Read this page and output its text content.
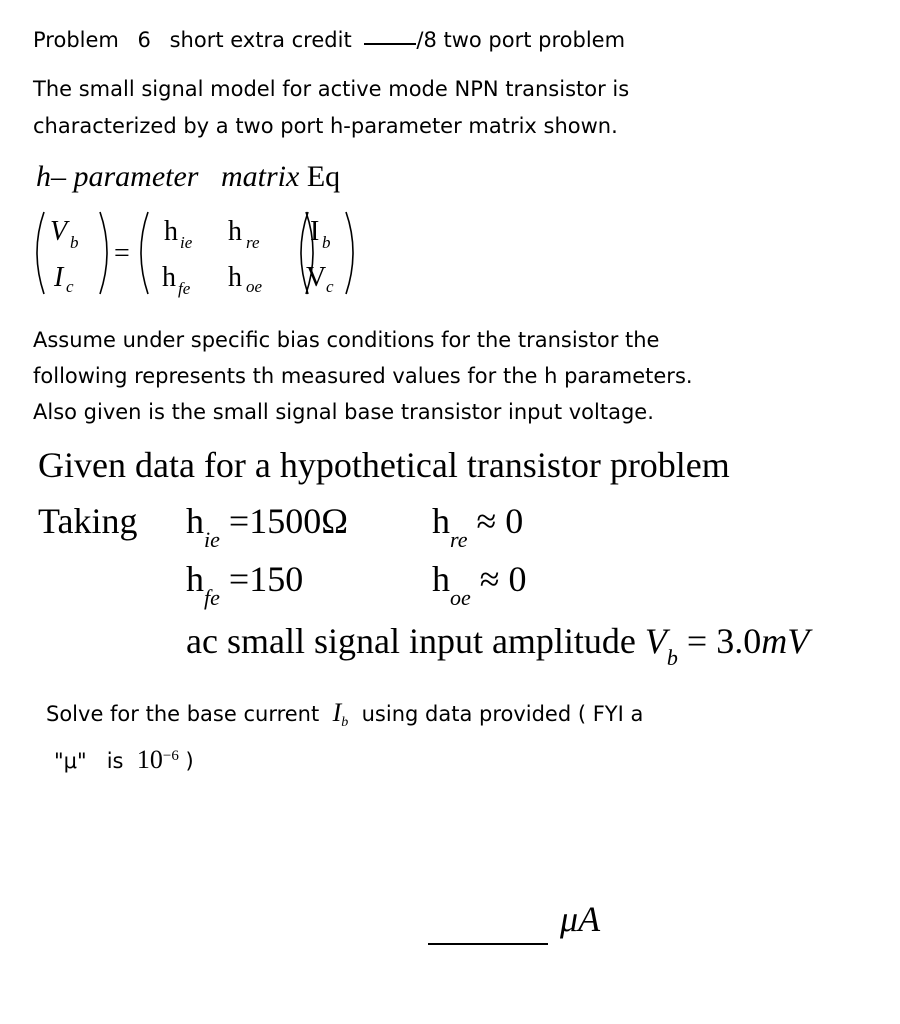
Problem 6 short extra credit	/8 two port problem
The small signal model for active mode NPN transistor is
characterized by a two port h-parameter matrix shown.
h– parameter matrix Eq
V b
I c
=
h ie h re
h fe h oe
I b
V c
Assume under specific bias conditions for the transistor the
following represents th measured values for the h parameters.
Also given is the small signal base transistor input voltage.
Given data for a hypothetical transistor problem
Taking $h_{ie} =1500\Omega$ $h_{re} \approx 0$
$h_{fe} =150$	$h_{oe} \approx 0$
ac small signal input amplitude $V_b = 3.0mV$
Solve for the base current $I_b$ using data provided ( FYI a
"μ" is $10^{-6}$ )
μA
